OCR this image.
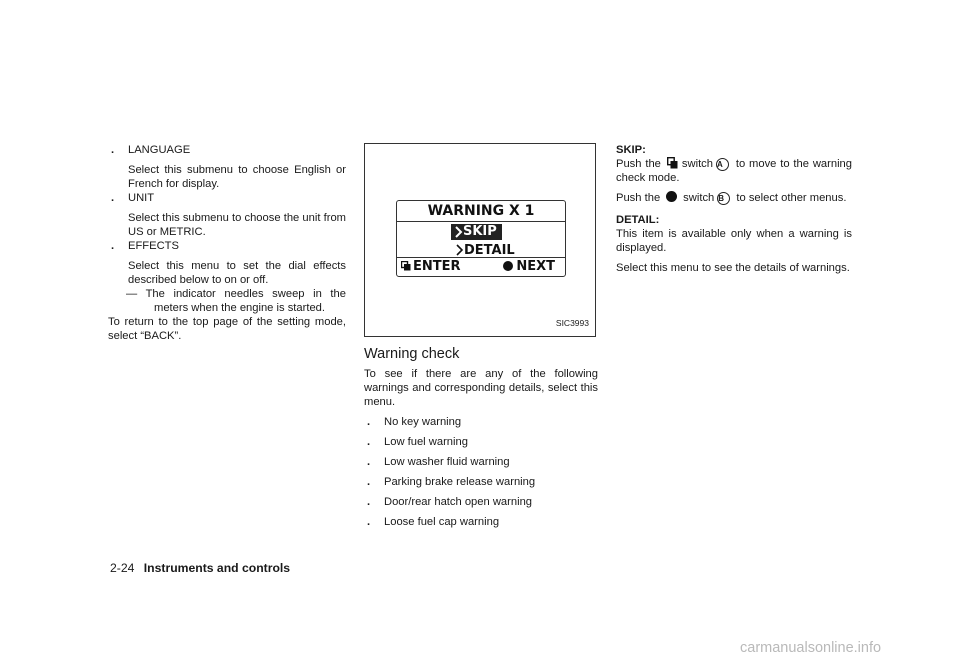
. LANGUAGE

Select this submenu to choose English or French for display.

. UNIT

Select this submenu to choose the unit from US or METRIC.

. EFFECTS

Select this menu to set the dial effects described below to on or off.

— The indicator needles sweep in the meters when the engine is started.

To return to the top page of the setting mode, select “BACK”.

WARNING X 1
SKIP
DETAIL
ENTER	NEXT
SIC3993
Warning check

To see if there are any of the following warnings and corresponding details, select this menu.

. No key warning
. Low fuel warning
. Low washer fluid warning
. Parking brake release warning
. Door/rear hatch open warning
. Loose fuel cap warning

SKIP:

Push the switch A to move to the warning check mode.

Push the switch B to select other menus.

DETAIL:

This item is available only when a warning is displayed.

Select this menu to see the details of warnings.

2-24 Instruments and controls
carmanualsonline.info
